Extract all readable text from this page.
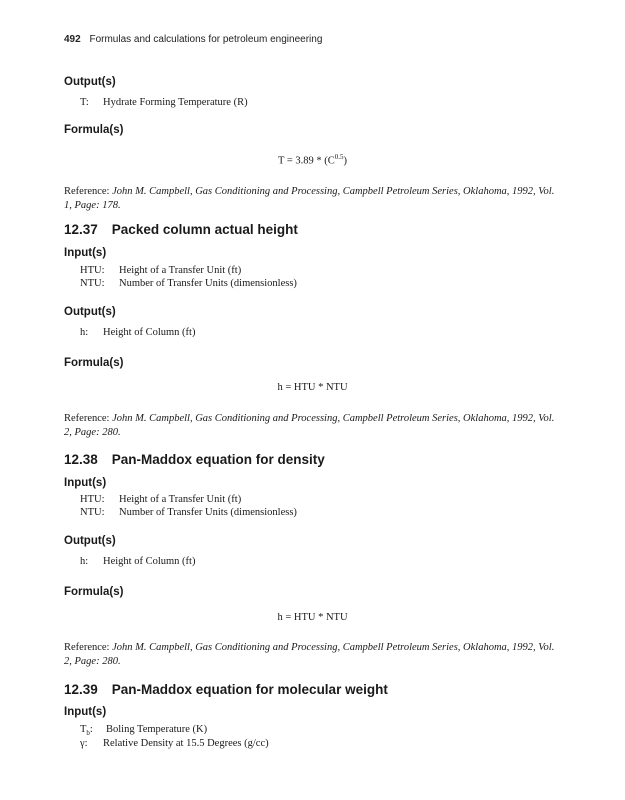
492 Formulas and calculations for petroleum engineering
Output(s)
T: Hydrate Forming Temperature (R)
Formula(s)
$T = 3.89 * (C^{0.5})$
Reference: John M. Campbell, Gas Conditioning and Processing, Campbell Petroleum Series, Oklahoma, 1992, Vol. 1, Page: 178.
12.37 Packed column actual height
Input(s)
HTU: Height of a Transfer Unit (ft)
NTU: Number of Transfer Units (dimensionless)
Output(s)
h: Height of Column (ft)
Formula(s)
h = HTU * NTU
Reference: John M. Campbell, Gas Conditioning and Processing, Campbell Petroleum Series, Oklahoma, 1992, Vol. 2, Page: 280.
12.38 Pan-Maddox equation for density
Input(s)
HTU: Height of a Transfer Unit (ft)
NTU: Number of Transfer Units (dimensionless)
Output(s)
h: Height of Column (ft)
Formula(s)
h = HTU * NTU
Reference: John M. Campbell, Gas Conditioning and Processing, Campbell Petroleum Series, Oklahoma, 1992, Vol. 2, Page: 280.
12.39 Pan-Maddox equation for molecular weight
Input(s)
$T_b$: Boling Temperature (K)
γ: Relative Density at 15.5 Degrees (g/cc)
